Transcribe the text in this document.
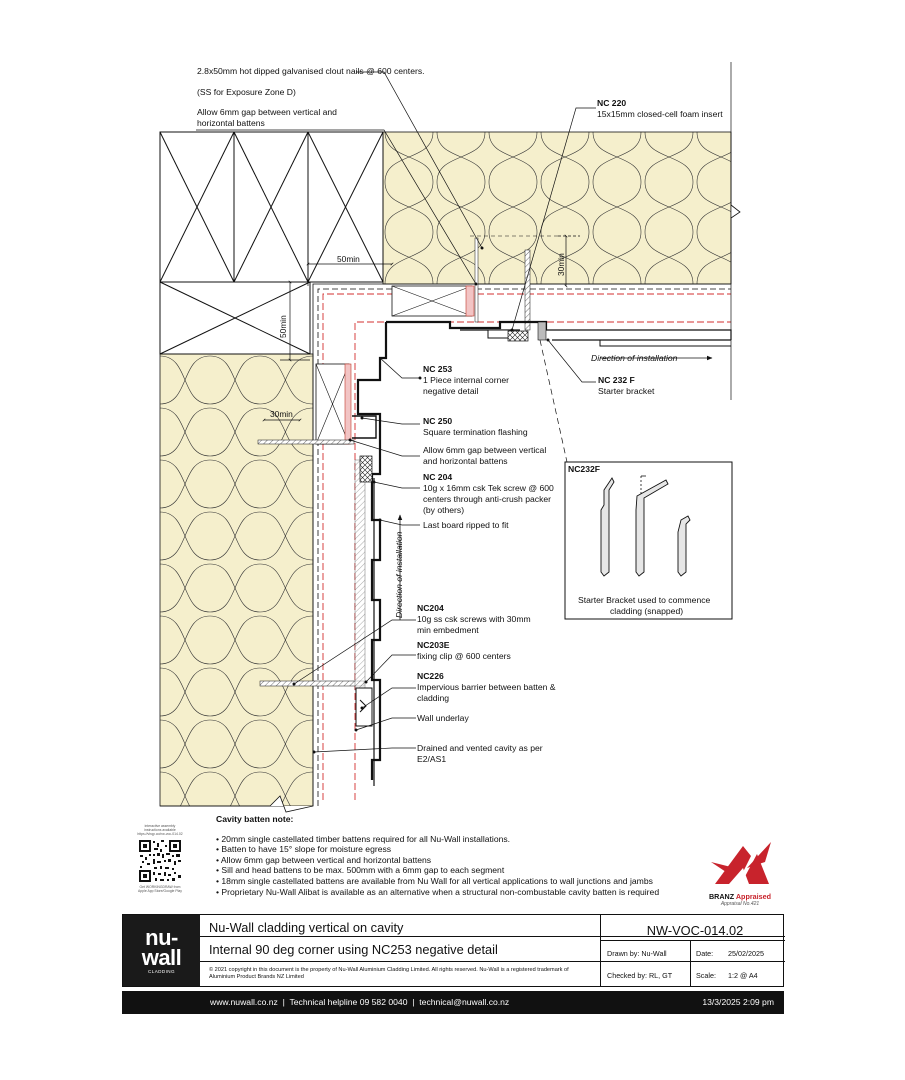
50min
50min
30min
30min
Direction of installation
Direction of installation
2.8x50mm hot dipped galvanised clout nails @ 600 centers.
(SS for Exposure Zone D)
Allow 6mm gap between vertical and
horizontal battens
NC 220
15x15mm closed-cell foam insert
NC 253
1 Piece internal corner
negative detail
NC 232 F
Starter bracket
NC 250
Square termination flashing
Allow 6mm gap between vertical
and horizontal battens
NC 204
10g x 16mm csk Tek screw @ 600
centers through anti-crush packer
(by others)
Last board ripped to fit
NC204
10g ss csk screws with 30mm
min embedment
NC203E
fixing clip @ 600 centers
NC226
Impervious barrier between batten &
cladding
Wall underlay
Drained and vented cavity as per
E2/AS1
NC232F
Starter Bracket used to commence
cladding (snapped)
Cavity batten note:
• 20mm single castellated timber battens required for all Nu-Wall installations.
• Batten to have 15° slope for moisture egress
• Allow 6mm gap between vertical and horizontal battens
• Sill and head battens to be max. 500mm with a 6mm gap to each segment
• 18mm single castellated battens are available from Nu Wall for all vertical applications to wall junctions and jambs
• Proprietary Nu-Wall Alibat is available as an alternative when a structural non-combustable cavity batten is required
interactive assembly
instructions available
https://vhqp.co/nw-voc-014.02
Get WORKINGDRAW from
Apple App Store/Google Play
BRANZ Appraised
Appraisal No.421
nu-
wall
CLADDING
Nu-Wall cladding vertical on cavity
Internal 90 deg corner using NC253 negative detail
© 2021 copyright in this document is the property of Nu-Wall Aluminium Cladding Limited. All rights reserved. Nu-Wall is a registered trademark of Aluminium Product Brands NZ Limited
NW-VOC-014.02
Drawn by: Nu-Wall	Date: 25/02/2025
Checked by: RL, GT	Scale: 1:2 @ A4
www.nuwall.co.nz  |  Technical helpline 09 582 0040  |  technical@nuwall.co.nz	13/3/2025 2:09 pm
